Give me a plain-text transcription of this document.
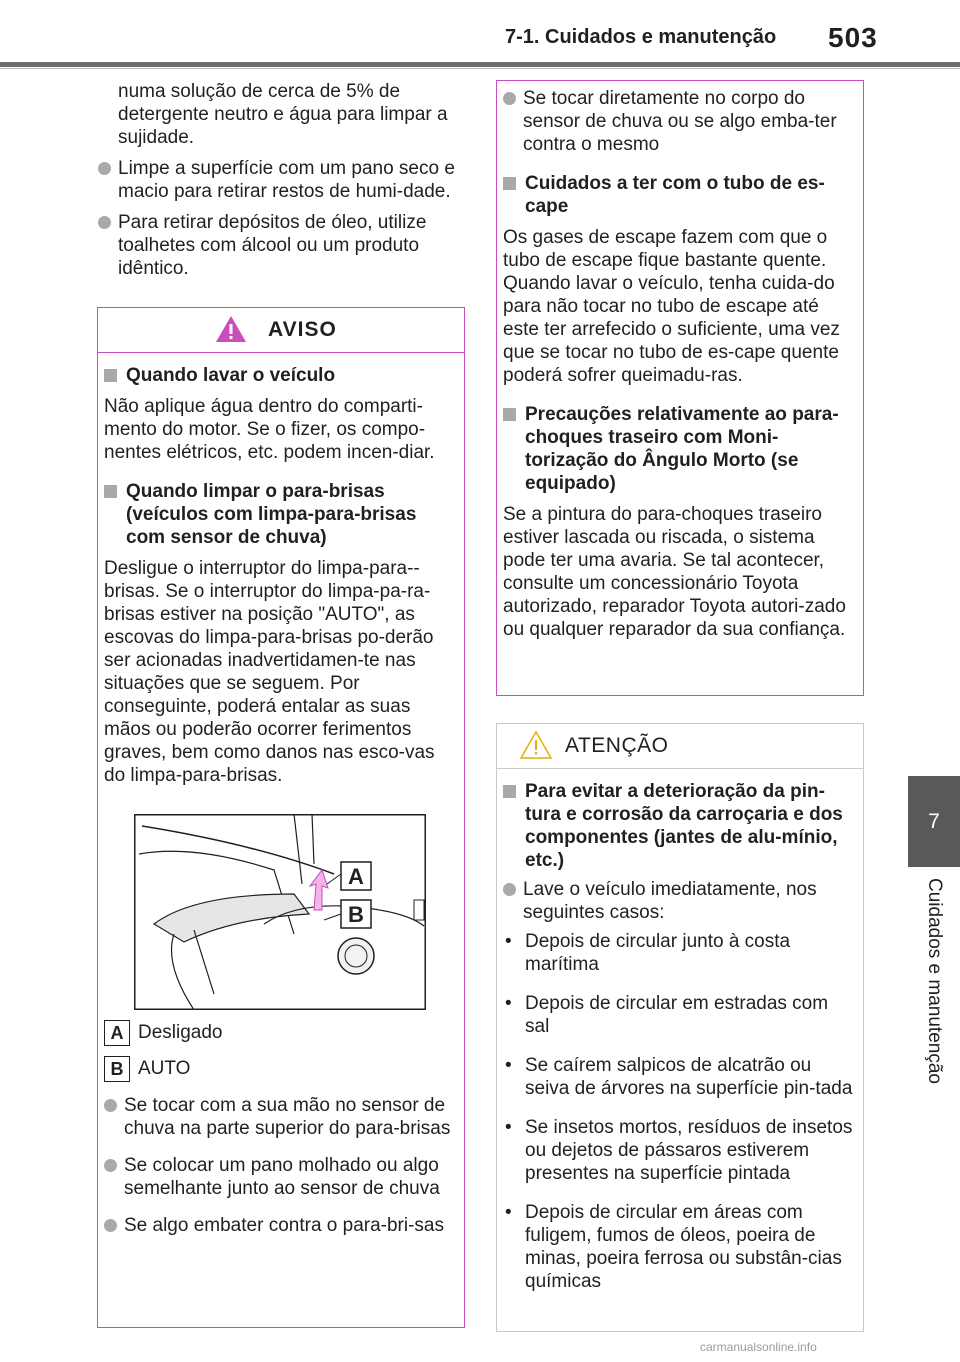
7-1. Cuidados e manutenção 503
7
Cuidados e manutenção

numa solução de cerca de 5% de detergente neutro e água para limpar a sujidade.

Limpe a superfície com um pano seco e macio para retirar restos de humi-dade.

Para retirar depósitos de óleo, utilize toalhetes com álcool ou um produto idêntico.

AVISO

Quando lavar o veículo

Não aplique água dentro do comparti-mento do motor. Se o fizer, os compo-nentes elétricos, etc. podem incen-diar.

Quando limpar o para-brisas (veículos com limpa-para-brisas com sensor de chuva)

Desligue o interruptor do limpa-para--brisas. Se o interruptor do limpa-pa-ra-brisas estiver na posição "AUTO", as escovas do limpa-para-brisas po-derão ser acionadas inadvertidamen-te nas situações que se seguem. Por conseguinte, poderá entalar as suas mãos ou poderão ocorrer ferimentos graves, bem como danos nas esco-vas do limpa-para-brisas.

A
B

A Desligado

B AUTO

Se tocar com a sua mão no sensor de chuva na parte superior do para-brisas

Se colocar um pano molhado ou algo semelhante junto ao sensor de chuva

Se algo embater contra o para-bri-sas

Se tocar diretamente no corpo do sensor de chuva ou se algo emba-ter contra o mesmo

Cuidados a ter com o tubo de es-cape

Os gases de escape fazem com que o tubo de escape fique bastante quente. Quando lavar o veículo, tenha cuida-do para não tocar no tubo de escape até este ter arrefecido o suficiente, uma vez que se tocar no tubo de es-cape quente poderá sofrer queimadu-ras.

Precauções relativamente ao para-choques traseiro com Moni-torização do Ângulo Morto (se equipado)

Se a pintura do para-choques traseiro estiver lascada ou riscada, o sistema pode ter uma avaria. Se tal acontecer, consulte um concessionário Toyota autorizado, reparador Toyota autori-zado ou qualquer reparador da sua confiança.

ATENÇÃO

Para evitar a deterioração da pin-tura e corrosão da carroçaria e dos componentes (jantes de alu-mínio, etc.)

Lave o veículo imediatamente, nos seguintes casos:

• Depois de circular junto à costa marítima

• Depois de circular em estradas com sal

• Se caírem salpicos de alcatrão ou seiva de árvores na superfície pin-tada

• Se insetos mortos, resíduos de insetos ou dejetos de pássaros estiverem presentes na superfície pintada

• Depois de circular em áreas com fuligem, fumos de óleos, poeira de minas, poeira ferrosa ou substân-cias químicas

carmanualsonline.info
